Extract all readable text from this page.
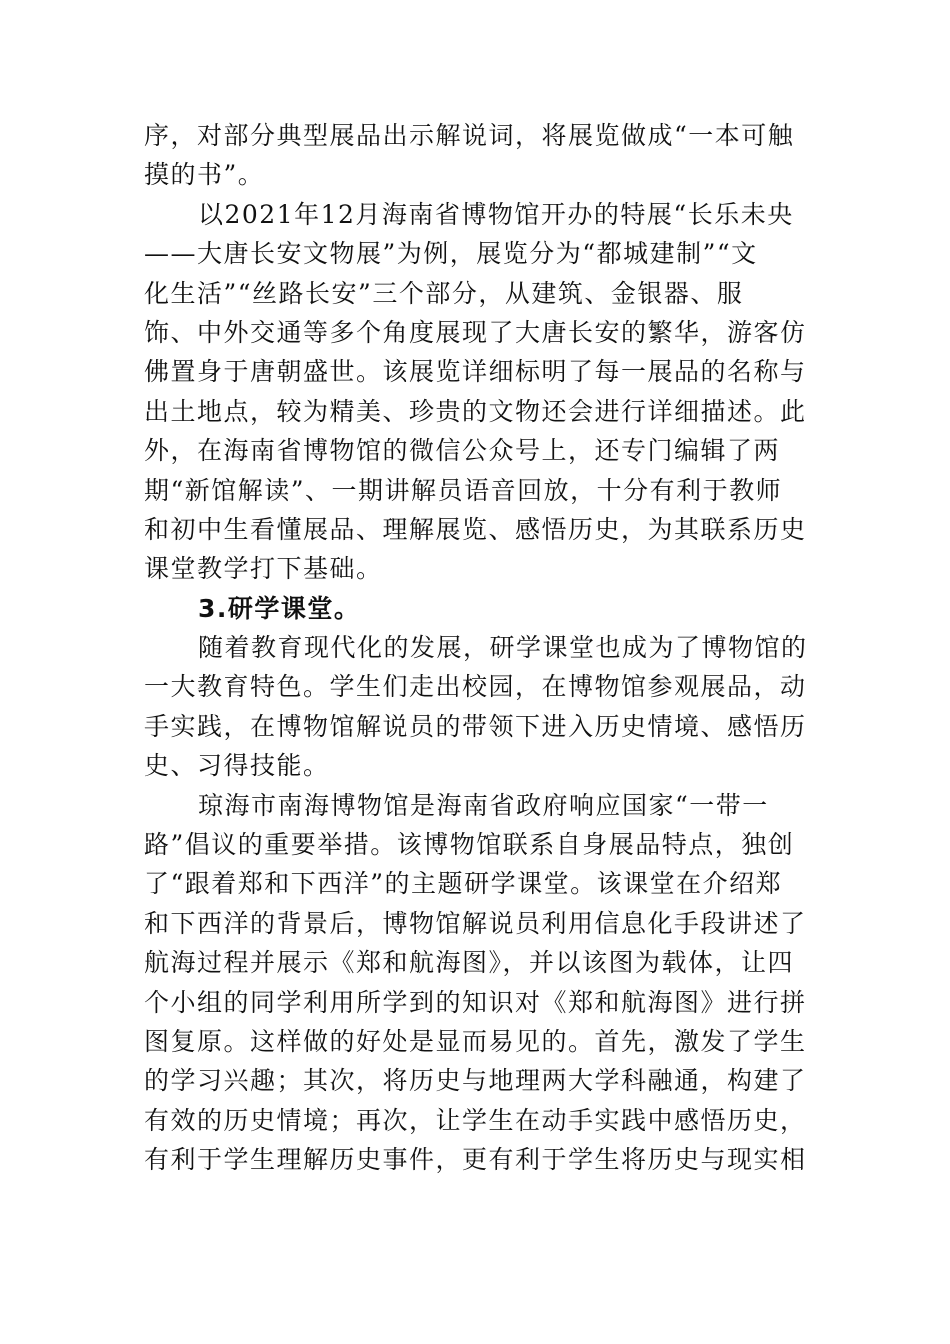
序，对部分典型展品出示解说词，将展览做成“一本可触
摸的书”。
以2021年12月海南省博物馆开办的特展“长乐未央
——大唐长安文物展”为例，展览分为“都城建制”“文
化生活”“丝路长安”三个部分，从建筑、金银器、服
饰、中外交通等多个角度展现了大唐长安的繁华，游客仿
佛置身于唐朝盛世。该展览详细标明了每一展品的名称与
出土地点，较为精美、珍贵的文物还会进行详细描述。此
外，在海南省博物馆的微信公众号上，还专门编辑了两
期“新馆解读”、一期讲解员语音回放，十分有利于教师
和初中生看懂展品、理解展览、感悟历史，为其联系历史
课堂教学打下基础。
3.研学课堂。
随着教育现代化的发展，研学课堂也成为了博物馆的
一大教育特色。学生们走出校园，在博物馆参观展品，动
手实践，在博物馆解说员的带领下进入历史情境、感悟历
史、习得技能。
琼海市南海博物馆是海南省政府响应国家“一带一
路”倡议的重要举措。该博物馆联系自身展品特点，独创
了“跟着郑和下西洋”的主题研学课堂。该课堂在介绍郑
和下西洋的背景后，博物馆解说员利用信息化手段讲述了
航海过程并展示《郑和航海图》，并以该图为载体，让四
个小组的同学利用所学到的知识对《郑和航海图》进行拼
图复原。这样做的好处是显而易见的。首先，激发了学生
的学习兴趣；其次，将历史与地理两大学科融通，构建了
有效的历史情境；再次，让学生在动手实践中感悟历史，
有利于学生理解历史事件，更有利于学生将历史与现实相
